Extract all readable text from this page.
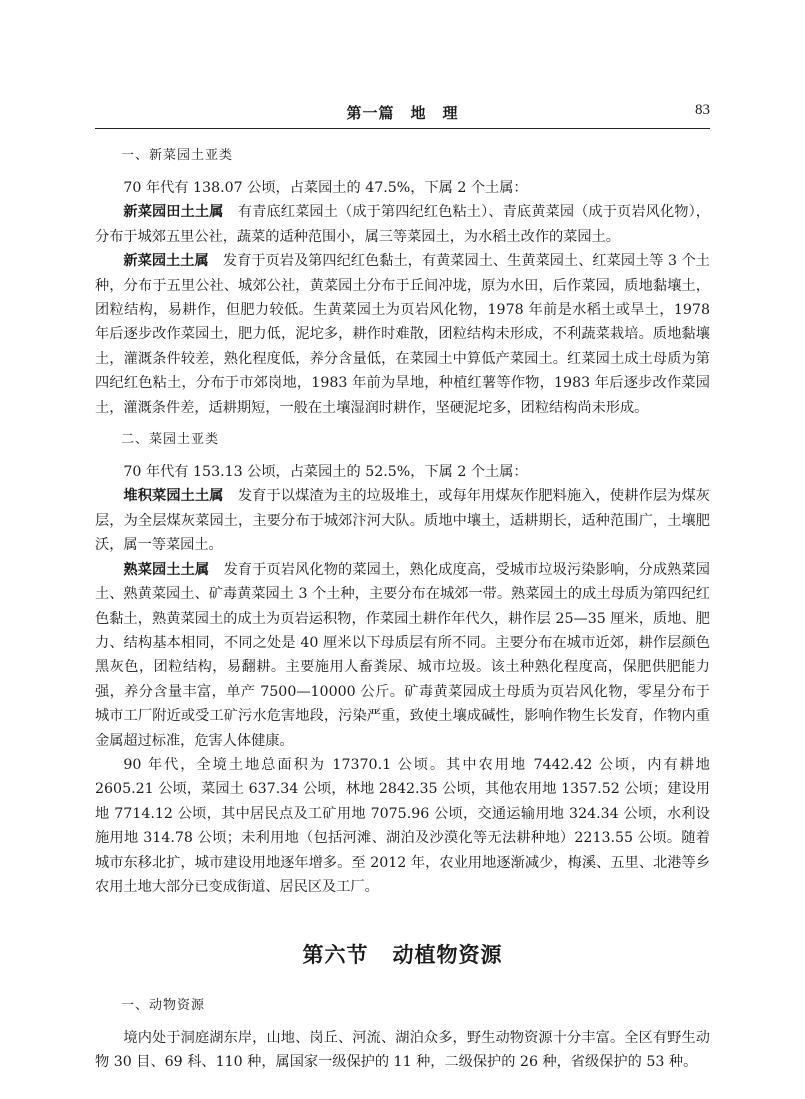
第一篇　地　理	83
一、新菜园土亚类

70 年代有 138.07 公顷，占菜园土的 47.5%，下属 2 个土属：

新菜园田土土属　 有青底红菜园土（成于第四纪红色粘土）、青底黄菜园（成于页岩风化物），分布于城郊五里公社，蔬菜的适种范围小，属三等菜园土，为水稻土改作的菜园土。

新菜园土土属　 发育于页岩及第四纪红色黏土，有黄菜园土、生黄菜园土、红菜园土等 3 个土种，分布于五里公社、城郊公社，黄菜园土分布于丘间冲垅，原为水田，后作菜园，质地黏壤土，团粒结构，易耕作，但肥力较低。生黄菜园土为页岩风化物，1978 年前是水稻土或旱土，1978 年后逐步改作菜园土，肥力低，泥坨多，耕作时难散，团粒结构未形成，不利蔬菜栽培。质地黏壤土，灌溉条件较差，熟化程度低，养分含量低，在菜园土中算低产菜园土。红菜园土成土母质为第四纪红色粘土，分布于市郊岗地，1983 年前为旱地，种植红薯等作物，1983 年后逐步改作菜园土，灌溉条件差，适耕期短，一般在土壤湿润时耕作，坚硬泥坨多，团粒结构尚未形成。

二、菜园土亚类

70 年代有 153.13 公顷，占菜园土的 52.5%，下属 2 个土属：

堆积菜园土土属　 发育于以煤渣为主的垃圾堆土，或每年用煤灰作肥料施入，使耕作层为煤灰层，为全层煤灰菜园土，主要分布于城郊汴河大队。质地中壤土，适耕期长，适种范围广，土壤肥沃，属一等菜园土。

熟菜园土土属　 发育于页岩风化物的菜园土，熟化成度高，受城市垃圾污染影响，分成熟菜园土、熟黄菜园土、矿毒黄菜园土 3 个土种，主要分布在城郊一带。熟菜园土的成土母质为第四纪红色黏土，熟黄菜园土的成土为页岩运积物，作菜园土耕作年代久，耕作层 25—35 厘米，质地、肥力、结构基本相同，不同之处是 40 厘米以下母质层有所不同。主要分布在城市近郊，耕作层颜色黑灰色，团粒结构，易翻耕。主要施用人畜粪尿、城市垃圾。该土种熟化程度高，保肥供肥能力强，养分含量丰富，单产 7500—10000 公斤。矿毒黄菜园成土母质为页岩风化物，零星分布于城市工厂附近或受工矿污水危害地段，污染严重，致使土壤成碱性，影响作物生长发育，作物内重金属超过标准，危害人体健康。

90 年代，全境土地总面积为 17370.1 公顷。其中农用地 7442.42 公顷，内有耕地 2605.21 公顷，菜园土 637.34 公顷，林地 2842.35 公顷，其他农用地 1357.52 公顷；建设用地 7714.12 公顷，其中居民点及工矿用地 7075.96 公顷，交通运输用地 324.34 公顷，水利设施用地 314.78 公顷；未利用地（包括河滩、湖泊及沙漠化等无法耕种地）2213.55 公顷。随着城市东移北扩，城市建设用地逐年增多。至 2012 年，农业用地逐渐减少，梅溪、五里、北港等乡农用土地大部分已变成街道、居民区及工厂。

第六节 动植物资源
一、动物资源

境内处于洞庭湖东岸，山地、岗丘、河流、湖泊众多，野生动物资源十分丰富。全区有野生动物 30 目、69 科、110 种，属国家一级保护的 11 种，二级保护的 26 种，省级保护的 53 种。
